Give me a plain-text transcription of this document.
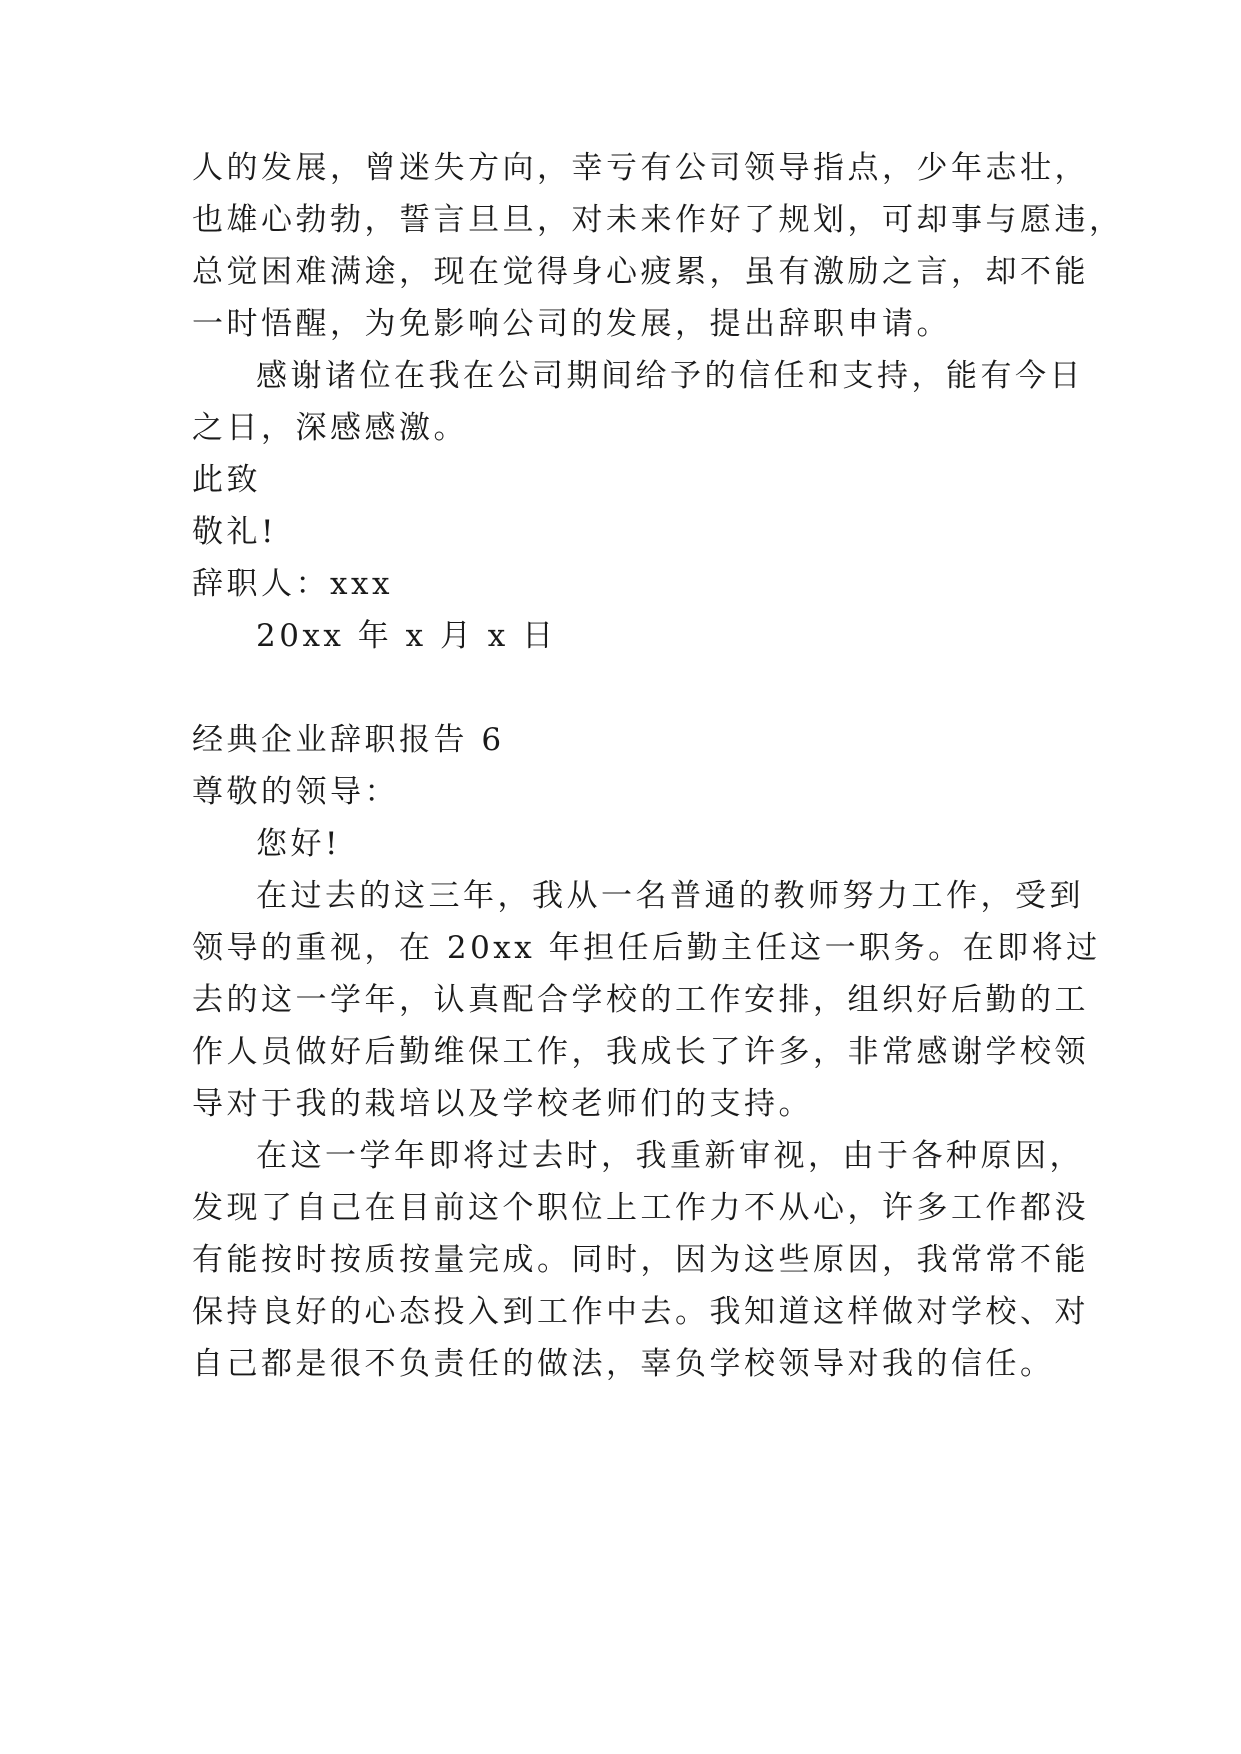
人的发展，曾迷失方向，幸亏有公司领导指点，少年志壮，
也雄心勃勃，誓言旦旦，对未来作好了规划，可却事与愿违，
总觉困难满途，现在觉得身心疲累，虽有激励之言，却不能
一时悟醒，为免影响公司的发展，提出辞职申请。
感谢诸位在我在公司期间给予的信任和支持，能有今日
之日，深感感激。
此致
敬礼!
辞职人：xxx
20xx 年 x 月 x 日
经典企业辞职报告 6
尊敬的领导：
您好!
在过去的这三年，我从一名普通的教师努力工作，受到
领导的重视，在 20xx 年担任后勤主任这一职务。在即将过
去的这一学年，认真配合学校的工作安排，组织好后勤的工
作人员做好后勤维保工作，我成长了许多，非常感谢学校领
导对于我的栽培以及学校老师们的支持。
在这一学年即将过去时，我重新审视，由于各种原因，
发现了自己在目前这个职位上工作力不从心，许多工作都没
有能按时按质按量完成。同时，因为这些原因，我常常不能
保持良好的心态投入到工作中去。我知道这样做对学校、对
自己都是很不负责任的做法，辜负学校领导对我的信任。
